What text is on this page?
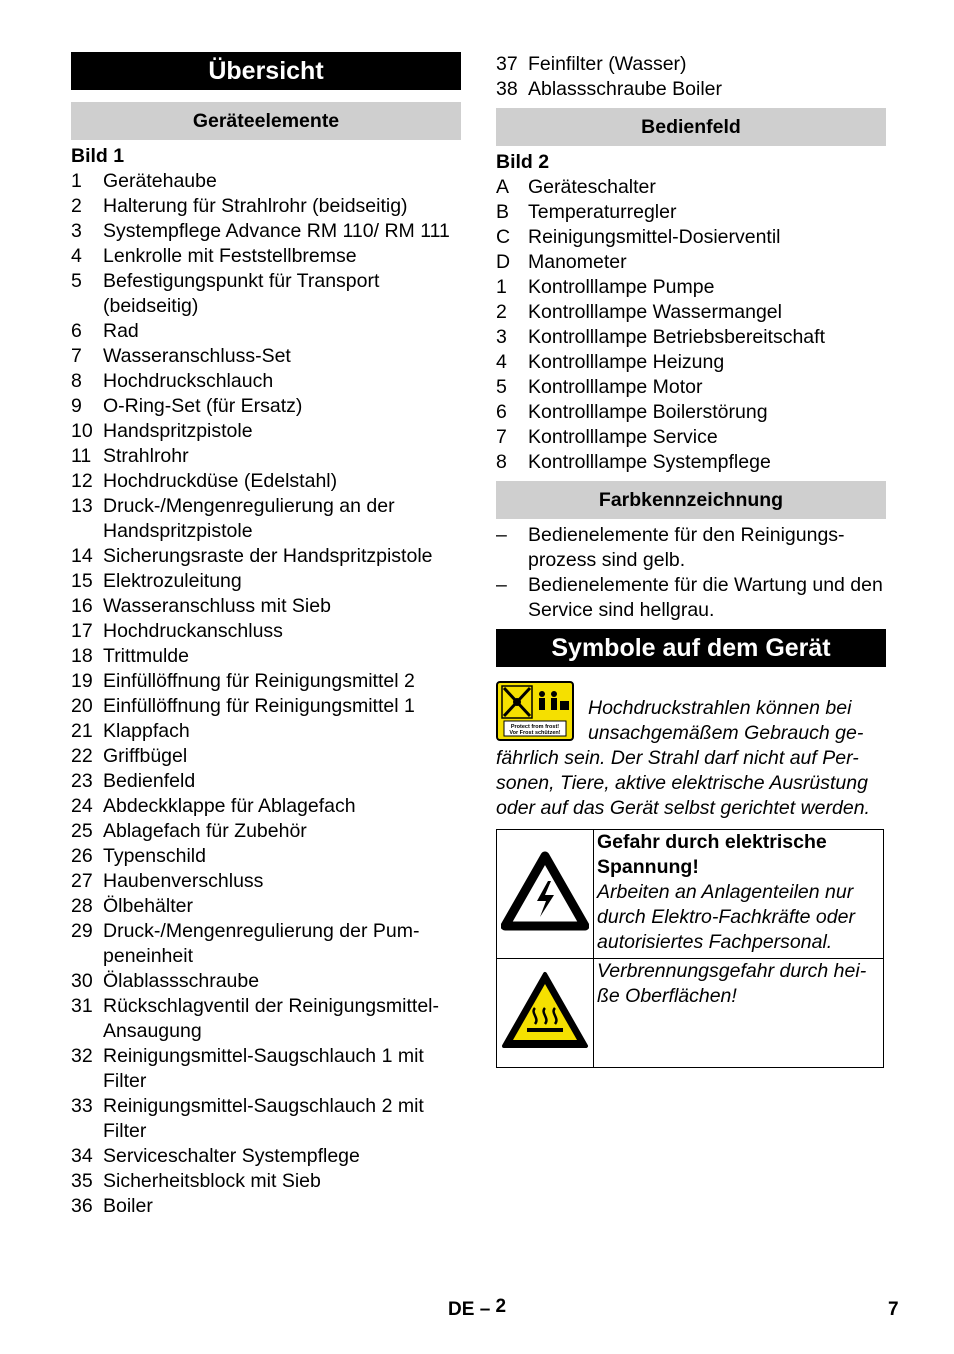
Übersicht
Geräteelemente
Bild 1
1	Gerätehaube
2	Halterung für Strahlrohr (beidseitig)
3	Systempflege Advance RM 110/ RM 111
4	Lenkrolle mit Feststellbremse
5	Befestigungspunkt für Transport (beidseitig)
6	Rad
7	Wasseranschluss-Set
8	Hochdruckschlauch
9	O-Ring-Set (für Ersatz)
10 Handspritzpistole
11 Strahlrohr
12 Hochdruckdüse (Edelstahl)
13 Druck-/Mengenregulierung an der Handspritzpistole
14 Sicherungsraste der Handspritzpistole
15 Elektrozuleitung
16 Wasseranschluss mit Sieb
17 Hochdruckanschluss
18 Trittmulde
19 Einfüllöffnung für Reinigungsmittel 2
20 Einfüllöffnung für Reinigungsmittel 1
21 Klappfach
22 Griffbügel
23 Bedienfeld
24 Abdeckklappe für Ablagefach
25 Ablagefach für Zubehör
26 Typenschild
27 Haubenverschluss
28 Ölbehälter
29 Druck-/Mengenregulierung der Pum-peneinheit
30 Ölablassschraube
31 Rückschlagventil der Reinigungsmittel-Ansaugung
32 Reinigungsmittel-Saugschlauch 1 mit Filter
33 Reinigungsmittel-Saugschlauch 2 mit Filter
34 Serviceschalter Systempflege
35 Sicherheitsblock mit Sieb
36 Boiler
37 Feinfilter (Wasser)
38 Ablassschraube Boiler
Bedienfeld
Bild 2
A Geräteschalter
B Temperaturregler
C Reinigungsmittel-Dosierventil
D Manometer
1	Kontrolllampe Pumpe
2	Kontrolllampe Wassermangel
3	Kontrolllampe Betriebsbereitschaft
4	Kontrolllampe Heizung
5	Kontrolllampe Motor
6	Kontrolllampe Boilerstörung
7	Kontrolllampe Service
8	Kontrolllampe Systempflege
Farbkennzeichnung
–	Bedienelemente für den Reinigungs-prozess sind gelb.
–	Bedienelemente für die Wartung und den Service sind hellgrau.
Symbole auf dem Gerät
Protect from frost!
Vor Frost schützen!
Hochdruckstrahlen können bei unsachgemäßem Gebrauch ge-fährlich sein. Der Strahl darf nicht auf Per-sonen, Tiere, aktive elektrische Ausrüstung oder auf das Gerät selbst gerichtet werden.

Gefahr durch elektrische Spannung!
Arbeiten an Anlagenteilen nur durch Elektro-Fachkräfte oder autorisiertes Fachpersonal.

Verbrennungsgefahr durch hei-ße Oberflächen!
DE – 2	7
